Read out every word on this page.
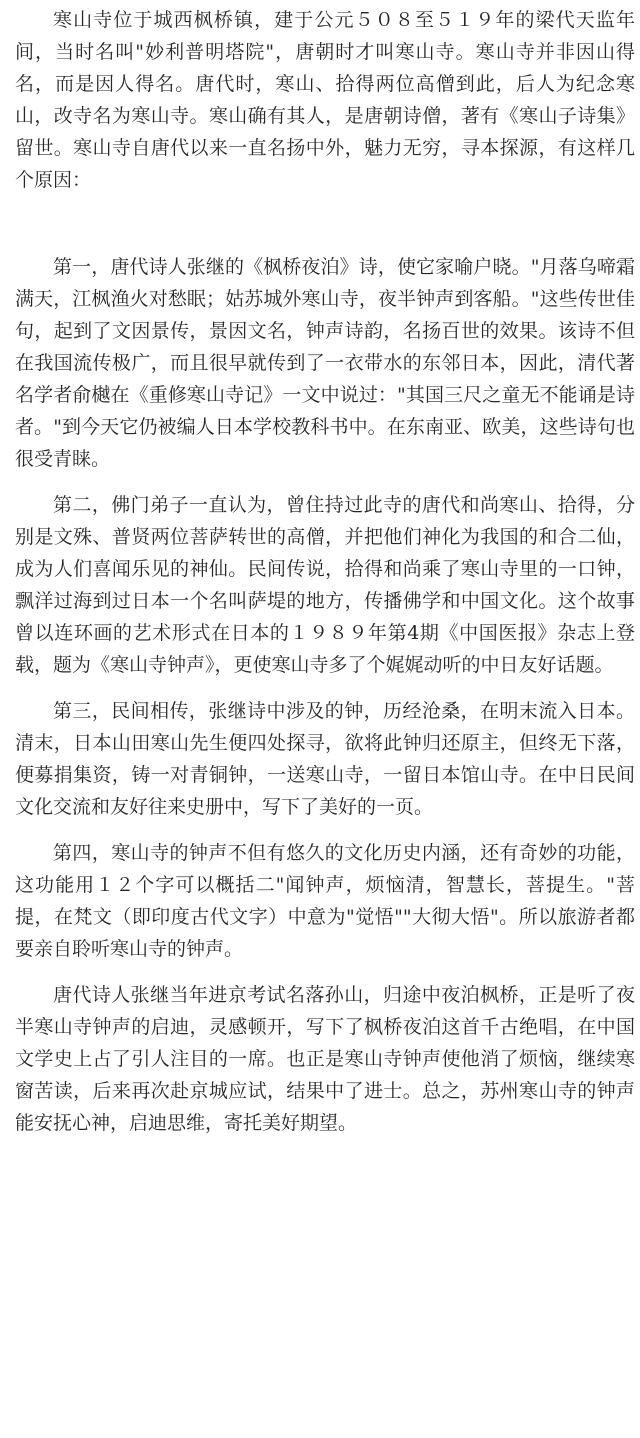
寒山寺位于城西枫桥镇，建于公元５０８至５１９年的梁代天监年间，当时名叫"妙利普明塔院"，唐朝时才叫寒山寺。寒山寺并非因山得名，而是因人得名。唐代时，寒山、拾得两位高僧到此，后人为纪念寒山，改寺名为寒山寺。寒山确有其人，是唐朝诗僧，著有《寒山子诗集》留世。寒山寺自唐代以来一直名扬中外，魅力无穷，寻本探源，有这样几个原因：

第一，唐代诗人张继的《枫桥夜泊》诗，使它家喻户晓。"月落乌啼霜满天，江枫渔火对愁眠；姑苏城外寒山寺，夜半钟声到客船。"这些传世佳句，起到了文因景传，景因文名，钟声诗韵，名扬百世的效果。该诗不但在我国流传极广，而且很早就传到了一衣带水的东邻日本，因此，清代著名学者俞樾在《重修寒山寺记》一文中说过："其国三尺之童无不能诵是诗者。"到今天它仍被编人日本学校教科书中。在东南亚、欧美，这些诗句也很受青睐。

第二，佛门弟子一直认为，曾住持过此寺的唐代和尚寒山、拾得，分别是文殊、普贤两位菩萨转世的高僧，并把他们神化为我国的和合二仙，成为人们喜闻乐见的神仙。民间传说，拾得和尚乘了寒山寺里的一口钟，飘洋过海到过日本一个名叫萨堤的地方，传播佛学和中国文化。这个故事曾以连环画的艺术形式在日本的１９８９年第4期《中国医报》杂志上登载，题为《寒山寺钟声》，更使寒山寺多了个娓娓动听的中日友好话题。

第三，民间相传，张继诗中涉及的钟，历经沧桑，在明末流入日本。清末，日本山田寒山先生便四处探寻，欲将此钟归还原主，但终无下落，便募捐集资，铸一对青铜钟，一送寒山寺，一留日本馆山寺。在中日民间文化交流和友好往来史册中，写下了美好的一页。

第四，寒山寺的钟声不但有悠久的文化历史内涵，还有奇妙的功能，这功能用１２个字可以概括二"闻钟声，烦恼清，智慧长，菩提生。"菩提，在梵文（即印度古代文字）中意为"觉悟""大彻大悟"。所以旅游者都要亲自聆听寒山寺的钟声。

唐代诗人张继当年进京考试名落孙山，归途中夜泊枫桥，正是听了夜半寒山寺钟声的启迪，灵感顿开，写下了枫桥夜泊这首千古绝唱，在中国文学史上占了引人注目的一席。也正是寒山寺钟声使他消了烦恼，继续寒窗苦读，后来再次赴京城应试，结果中了进士。总之，苏州寒山寺的钟声能安抚心神，启迪思维，寄托美好期望。
